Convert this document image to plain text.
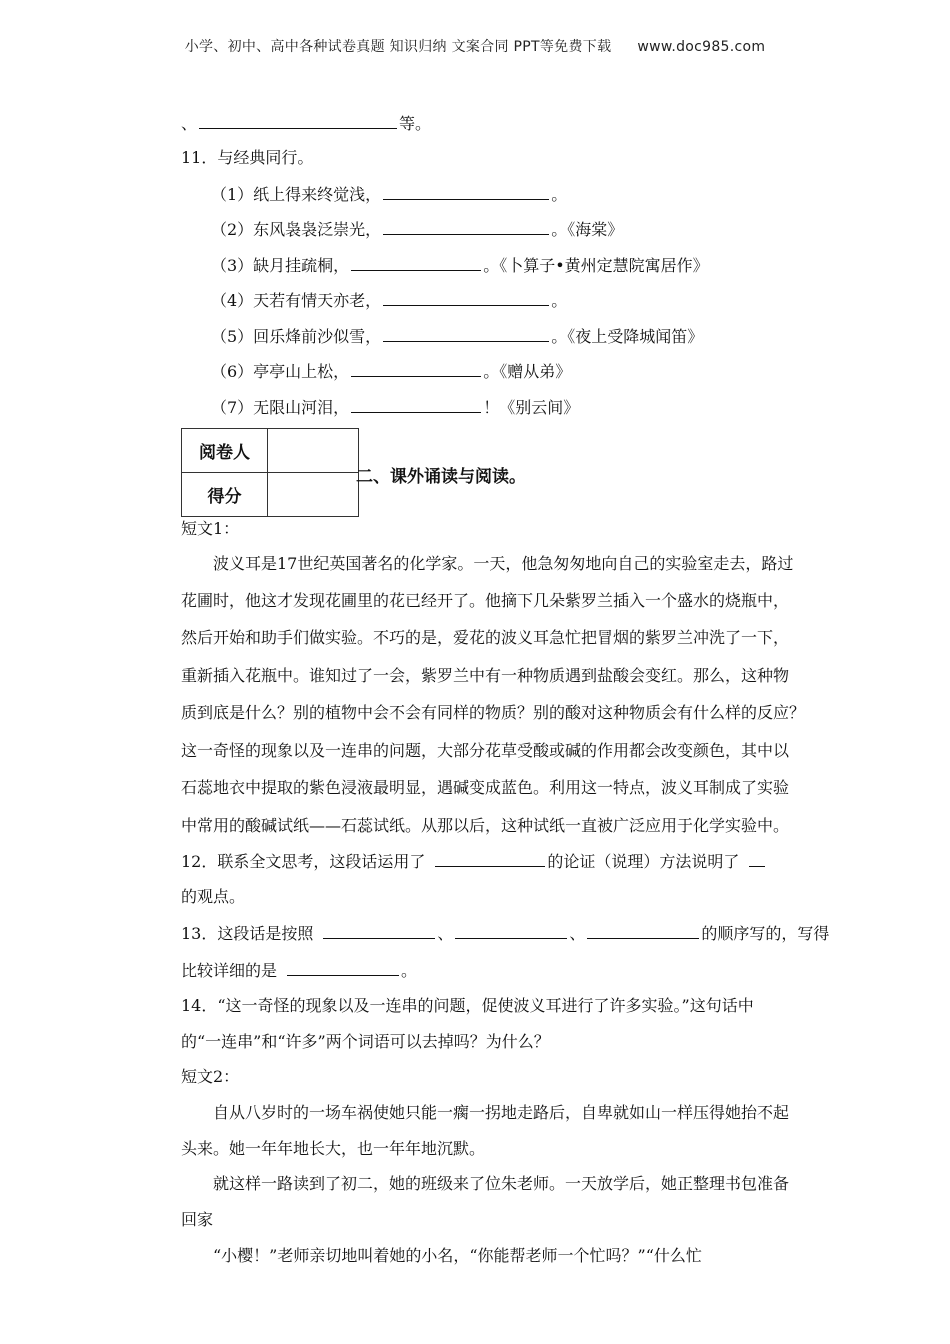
小学、初中、高中各种试卷真题 知识归纳 文案合同 PPT等免费下载 www.doc985.com
、	等。
11．与经典同行。
（1）纸上得来终觉浅，	。
（2）东风袅袅泛崇光，	。《海棠》
（3）缺月挂疏桐，	。《卜算子•黄州定慧院寓居作》
（4）天若有情天亦老，	。
（5）回乐烽前沙似雪，	。《夜上受降城闻笛》
（6）亭亭山上松，	。《赠从弟》
（7）无限山河泪，	！《别云间》
阅卷人	
得分	
二、课外诵读与阅读。
短文1：
　　波义耳是17世纪英国著名的化学家。一天，他急匆匆地向自己的实验室走去，路过
花圃时，他这才发现花圃里的花已经开了。他摘下几朵紫罗兰插入一个盛水的烧瓶中，
然后开始和助手们做实验。不巧的是，爱花的波义耳急忙把冒烟的紫罗兰冲洗了一下，
重新插入花瓶中。谁知过了一会，紫罗兰中有一种物质遇到盐酸会变红。那么，这种物
质到底是什么？别的植物中会不会有同样的物质？别的酸对这种物质会有什么样的反应？
这一奇怪的现象以及一连串的问题，大部分花草受酸或碱的作用都会改变颜色，其中以
石蕊地衣中提取的紫色浸液最明显，遇碱变成蓝色。利用这一特点，波义耳制成了实验
中常用的酸碱试纸——石蕊试纸。从那以后，这种试纸一直被广泛应用于化学实验中。
12．联系全文思考，这段话运用了	的论证（说理）方法说明了
的观点。
13．这段话是按照	、	、	的顺序写的，写得
比较详细的是	。
14．“这一奇怪的现象以及一连串的问题，促使波义耳进行了许多实验。”这句话中
的“一连串”和“许多”两个词语可以去掉吗？为什么？
短文2：
　　自从八岁时的一场车祸使她只能一瘸一拐地走路后，自卑就如山一样压得她抬不起
头来。她一年年地长大，也一年年地沉默。
　　就这样一路读到了初二，她的班级来了位朱老师。一天放学后，她正整理书包准备
回家
　　“小樱！”老师亲切地叫着她的小名，“你能帮老师一个忙吗？”“什么忙
